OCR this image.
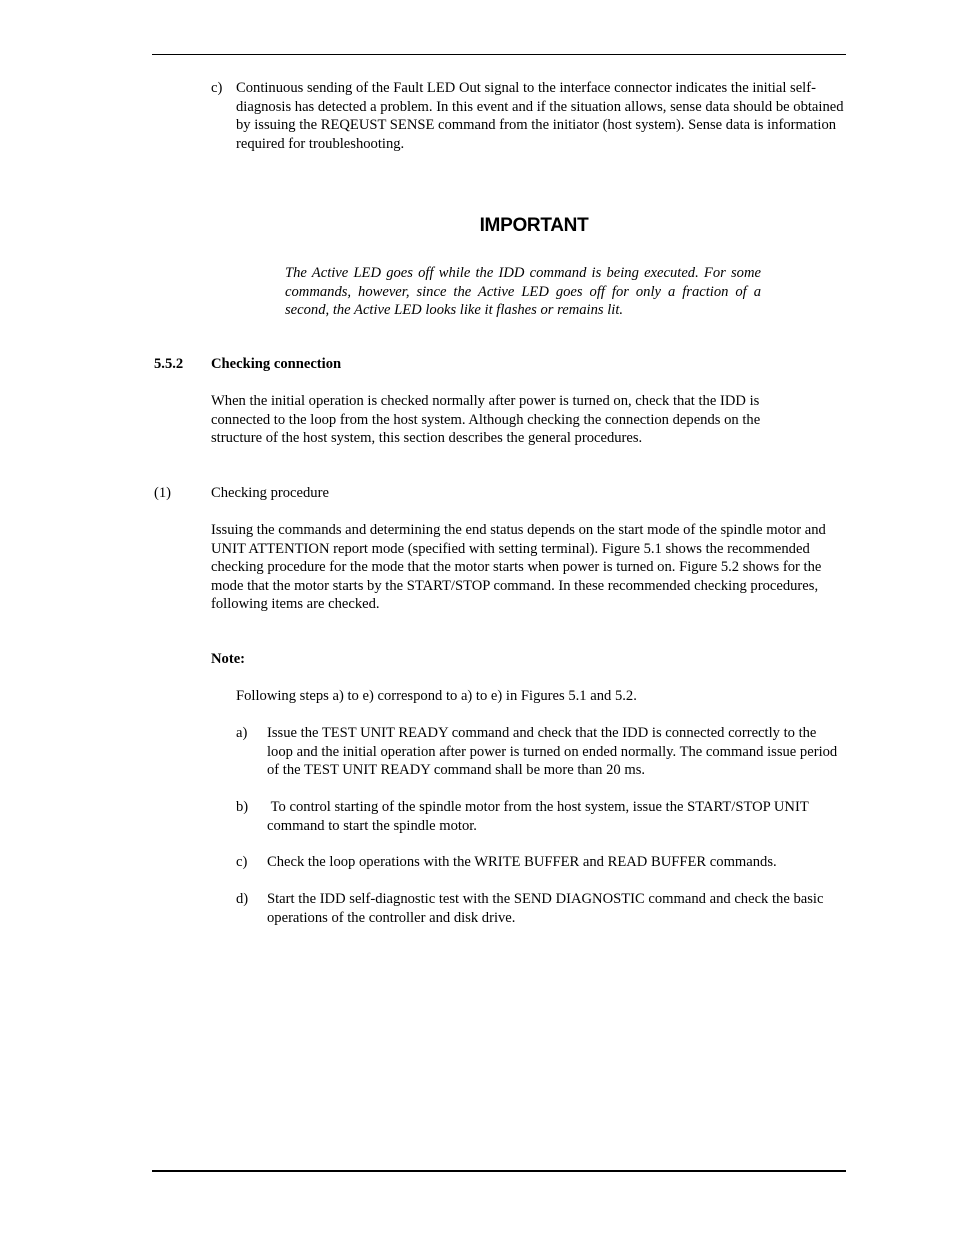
c) Continuous sending of the Fault LED Out signal to the interface connector indicates the initial self-diagnosis has detected a problem. In this event and if the situation allows, sense data should be obtained by issuing the REQEUST SENSE command from the initiator (host system). Sense data is information required for troubleshooting.
IMPORTANT
The Active LED goes off while the IDD command is being executed. For some commands, however, since the Active LED goes off for only a fraction of a second, the Active LED looks like it flashes or remains lit.
5.5.2 Checking connection
When the initial operation is checked normally after power is turned on, check that the IDD is connected to the loop from the host system. Although checking the connection depends on the structure of the host system, this section describes the general procedures.
(1)	Checking procedure
Issuing the commands and determining the end status depends on the start mode of the spindle motor and UNIT ATTENTION report mode (specified with setting terminal). Figure 5.1 shows the recommended checking procedure for the mode that the motor starts when power is turned on. Figure 5.2 shows for the mode that the motor starts by the START/STOP command. In these recommended checking procedures, following items are checked.
Note:
Following steps a) to e) correspond to a) to e) in Figures 5.1 and 5.2.
a) Issue the TEST UNIT READY command and check that the IDD is connected correctly to the loop and the initial operation after power is turned on ended normally. The command issue period of the TEST UNIT READY command shall be more than 20 ms.
b) To control starting of the spindle motor from the host system, issue the START/STOP UNIT command to start the spindle motor.
c) Check the loop operations with the WRITE BUFFER and READ BUFFER commands.
d) Start the IDD self-diagnostic test with the SEND DIAGNOSTIC command and check the basic operations of the controller and disk drive.
